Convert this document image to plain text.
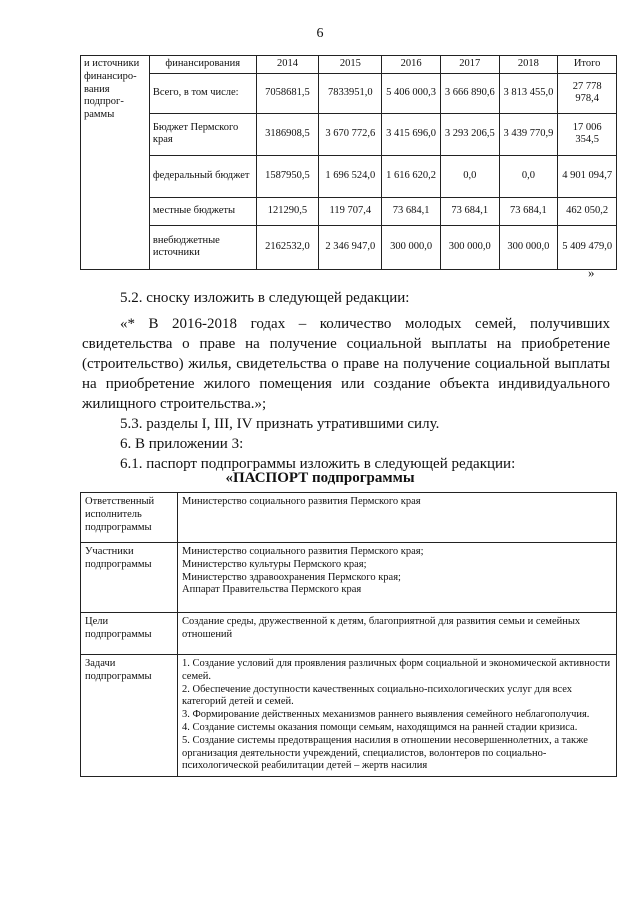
6
и источники финансиро-вания подпрог-раммы	финансирования	2014	2015	2016	2017	2018	Итого
	Всего, в том числе:	7058681,5	7833951,0	5 406 000,3	3 666 890,6	3 813 455,0	27 778 978,4
	Бюджет Пермского края	3186908,5	3 670 772,6	3 415 696,0	3 293 206,5	3 439 770,9	17 006 354,5
	федеральный бюджет	1587950,5	1 696 524,0	1 616 620,2	0,0	0,0	4 901 094,7
	местные бюджеты	121290,5	119 707,4	73 684,1	73 684,1	73 684,1	462 050,2
	внебюджетные источники	2162532,0	2 346 947,0	300 000,0	300 000,0	300 000,0	5 409 479,0
»

5.2. сноску изложить в следующей редакции:

«* В 2016-2018 годах – количество молодых семей, получивших свидетельства о праве на получение социальной выплаты на приобретение (строительство) жилья, свидетельства о праве на получение социальной выплаты на приобретение жилого помещения или создание объекта индивидуального жилищного строительства.»;

5.3. разделы I, III, IV признать утратившими силу.

6. В приложении 3:

6.1. паспорт подпрограммы изложить в следующей редакции:

«ПАСПОРТ подпрограммы
Ответственный исполнитель подпрограммы	Министерство социального развития Пермского края
Участники подпрограммы	Министерство социального развития Пермского края;
Министерство культуры Пермского края;
Министерство здравоохранения Пермского края;
Аппарат Правительства Пермского края

Цели подпрограммы	Создание среды, дружественной к детям, благоприятной для развития семьи и семейных отношений
Задачи подпрограммы	1. Создание условий для проявления различных форм социальной и экономической активности семей.

2. Обеспечение доступности качественных социально-психологических услуг для всех категорий детей и семей.

3. Формирование действенных механизмов раннего выявления семейного неблагополучия.

4. Создание системы оказания помощи семьям, находящимся на ранней стадии кризиса.

5. Создание системы предотвращения насилия в отношении несовершеннолетних, а также организация деятельности учреждений, специалистов, волонтеров по социально-психологической реабилитации детей – жертв насилия
